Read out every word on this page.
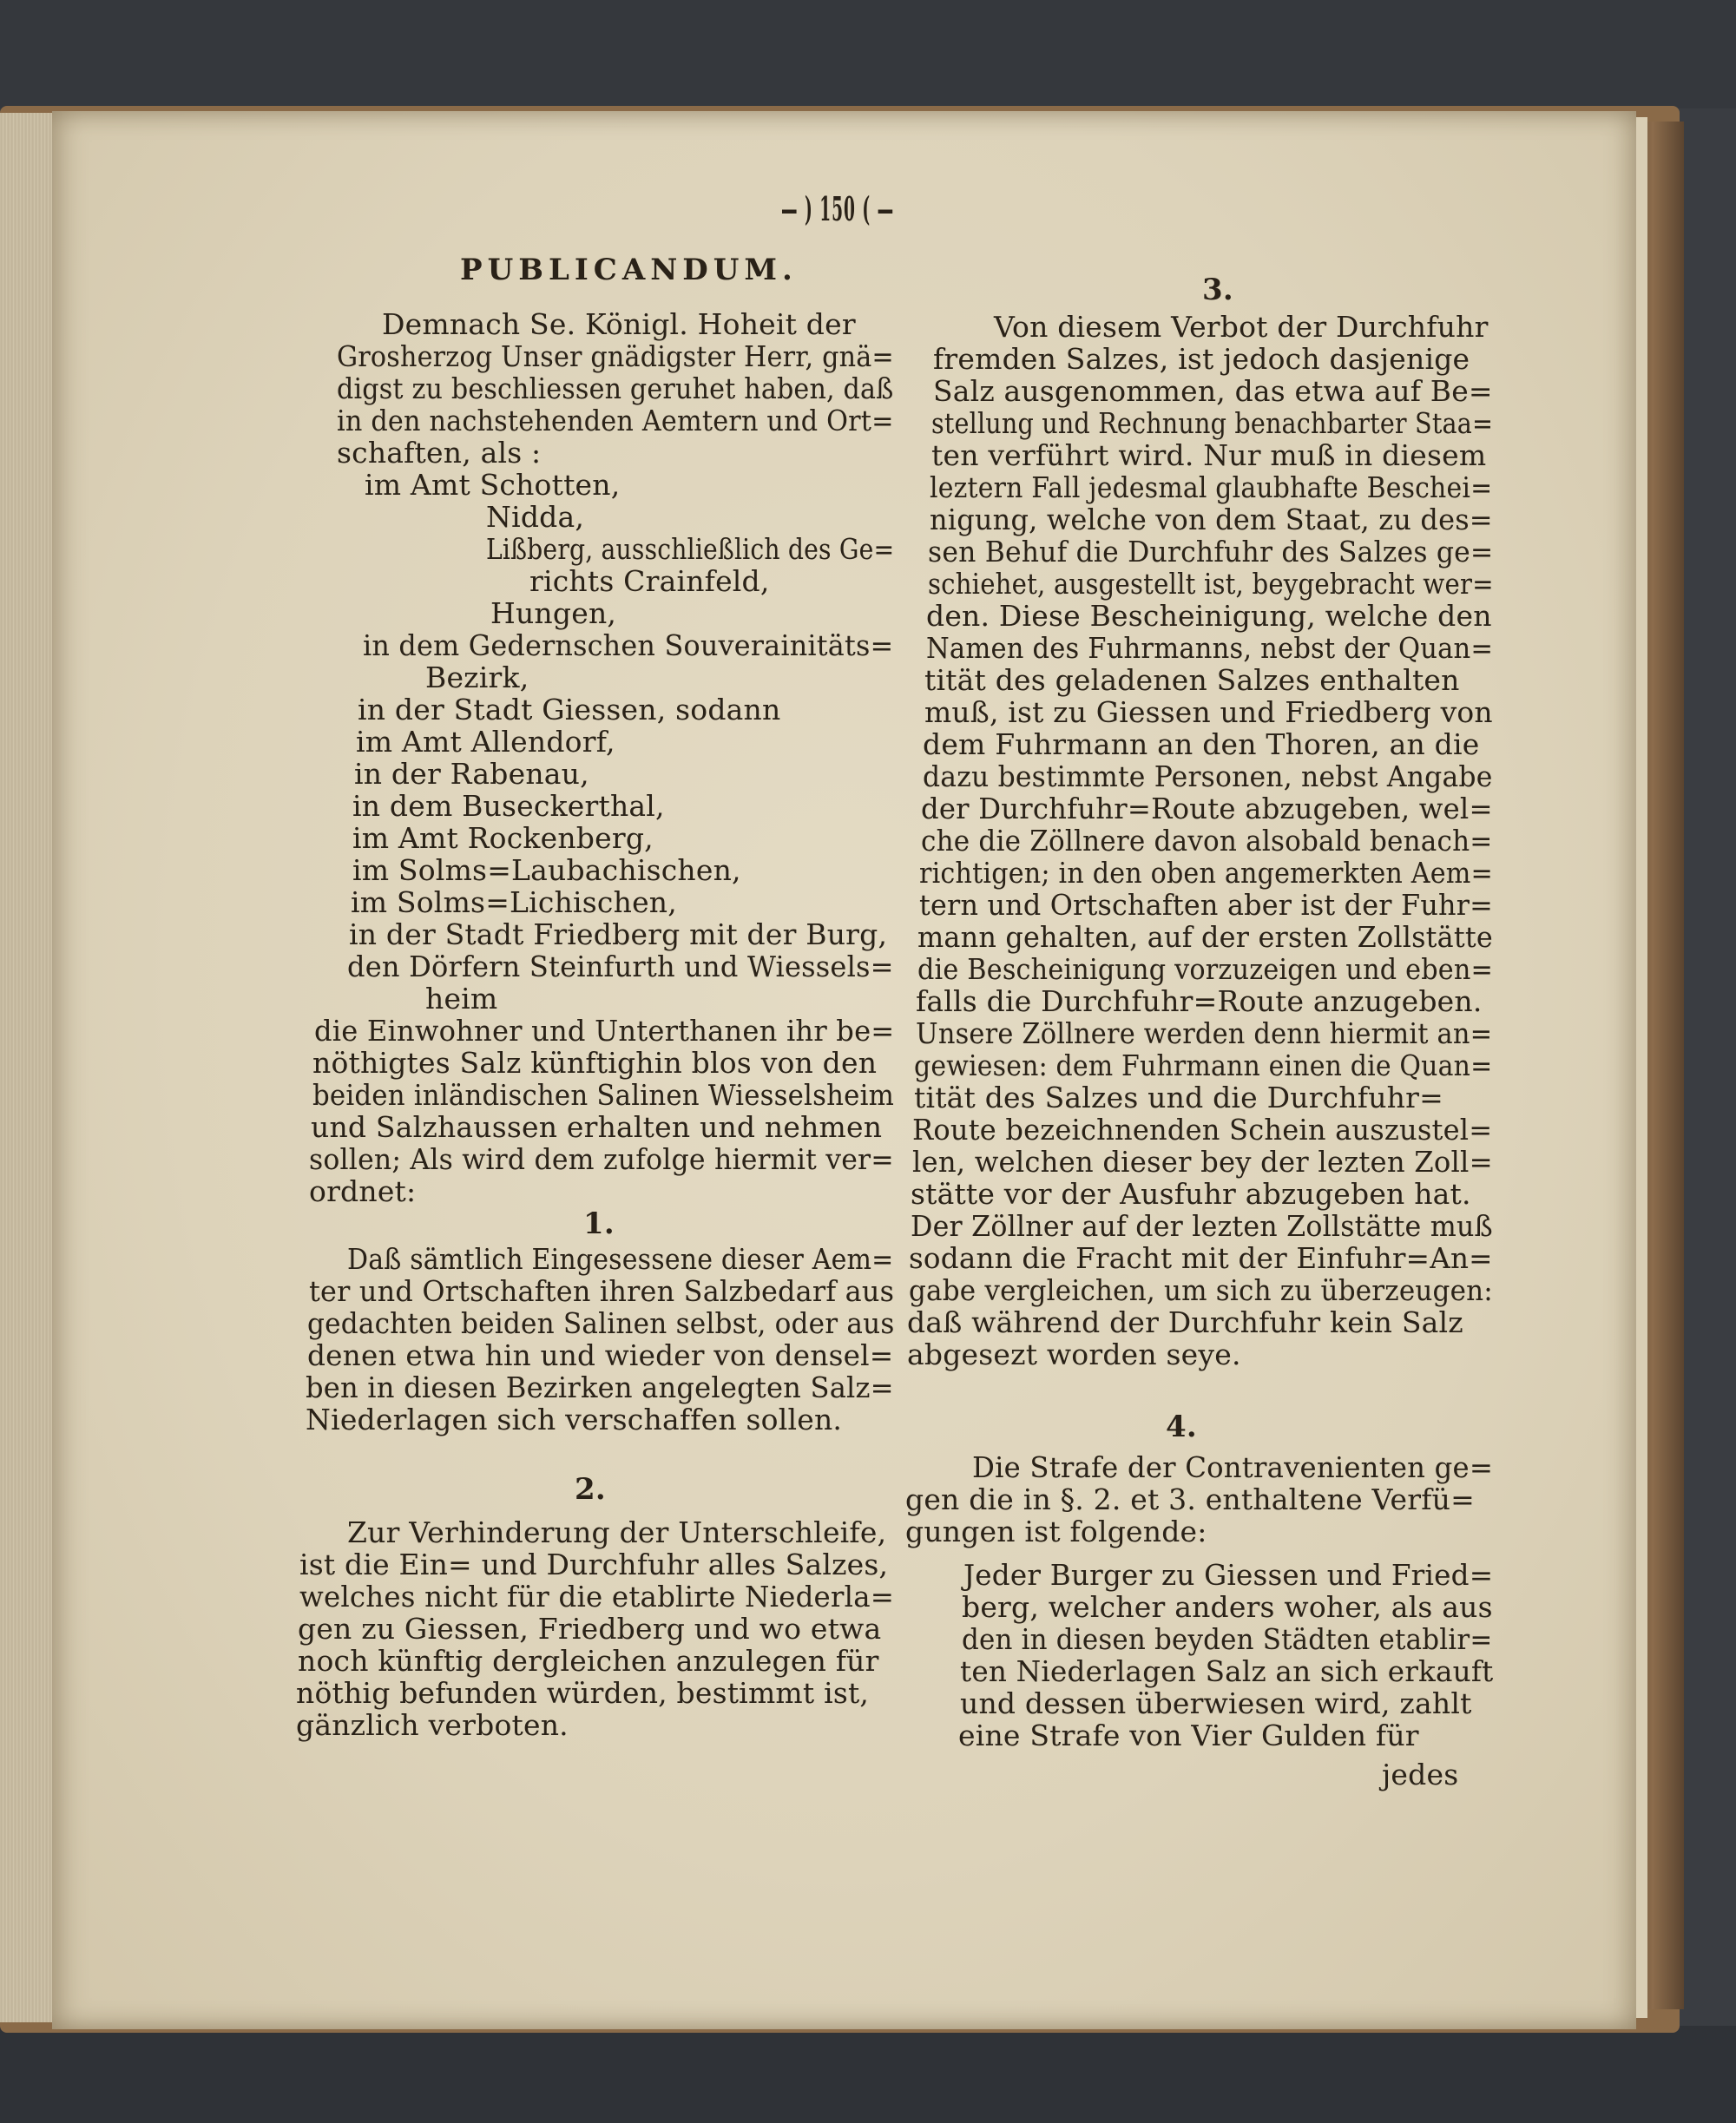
— ) 150 ( —
PUBLICANDUM.
Demnach Se. Königl. Hoheit der
Grosherzog Unser gnädigster Herr, gnä=
digst zu beschliessen geruhet haben, daß
in den nachstehenden Aemtern und Ort=
schaften, als :
im Amt Schotten,
Nidda,
Lißberg, ausschließlich des Ge=
richts Crainfeld,
Hungen,
in dem Gedernschen Souverainitäts=
Bezirk,
in der Stadt Giessen, sodann
im Amt Allendorf,
in der Rabenau,
in dem Buseckerthal,
im Amt Rockenberg,
im Solms=Laubachischen,
im Solms=Lichischen,
in der Stadt Friedberg mit der Burg,
den Dörfern Steinfurth und Wiessels=
heim
die Einwohner und Unterthanen ihr be=
nöthigtes Salz künftighin blos von den
beiden inländischen Salinen Wiesselsheim
und Salzhaussen erhalten und nehmen
sollen; Als wird dem zufolge hiermit ver=
ordnet:
1.
Daß sämtlich Eingesessene dieser Aem=
ter und Ortschaften ihren Salzbedarf aus
gedachten beiden Salinen selbst, oder aus
denen etwa hin und wieder von densel=
ben in diesen Bezirken angelegten Salz=
Niederlagen sich verschaffen sollen.
2.
Zur Verhinderung der Unterschleife,
ist die Ein= und Durchfuhr alles Salzes,
welches nicht für die etablirte Niederla=
gen zu Giessen, Friedberg und wo etwa
noch künftig dergleichen anzulegen für
nöthig befunden würden, bestimmt ist,
gänzlich verboten.
3.
Von diesem Verbot der Durchfuhr
fremden Salzes, ist jedoch dasjenige
Salz ausgenommen, das etwa auf Be=
stellung und Rechnung benachbarter Staa=
ten verführt wird. Nur muß in diesem
leztern Fall jedesmal glaubhafte Beschei=
nigung, welche von dem Staat, zu des=
sen Behuf die Durchfuhr des Salzes ge=
schiehet, ausgestellt ist, beygebracht wer=
den. Diese Bescheinigung, welche den
Namen des Fuhrmanns, nebst der Quan=
tität des geladenen Salzes enthalten
muß, ist zu Giessen und Friedberg von
dem Fuhrmann an den Thoren, an die
dazu bestimmte Personen, nebst Angabe
der Durchfuhr=Route abzugeben, wel=
che die Zöllnere davon alsobald benach=
richtigen; in den oben angemerkten Aem=
tern und Ortschaften aber ist der Fuhr=
mann gehalten, auf der ersten Zollstätte
die Bescheinigung vorzuzeigen und eben=
falls die Durchfuhr=Route anzugeben.
Unsere Zöllnere werden denn hiermit an=
gewiesen: dem Fuhrmann einen die Quan=
tität des Salzes und die Durchfuhr=
Route bezeichnenden Schein auszustel=
len, welchen dieser bey der lezten Zoll=
stätte vor der Ausfuhr abzugeben hat.
Der Zöllner auf der lezten Zollstätte muß
sodann die Fracht mit der Einfuhr=An=
gabe vergleichen, um sich zu überzeugen:
daß während der Durchfuhr kein Salz
abgesezt worden seye.
4.
Die Strafe der Contravenienten ge=
gen die in §. 2. et 3. enthaltene Verfü=
gungen ist folgende:
Jeder Burger zu Giessen und Fried=
berg, welcher anders woher, als aus
den in diesen beyden Städten etablir=
ten Niederlagen Salz an sich erkauft
und dessen überwiesen wird, zahlt
eine Strafe von Vier Gulden für
jedes
